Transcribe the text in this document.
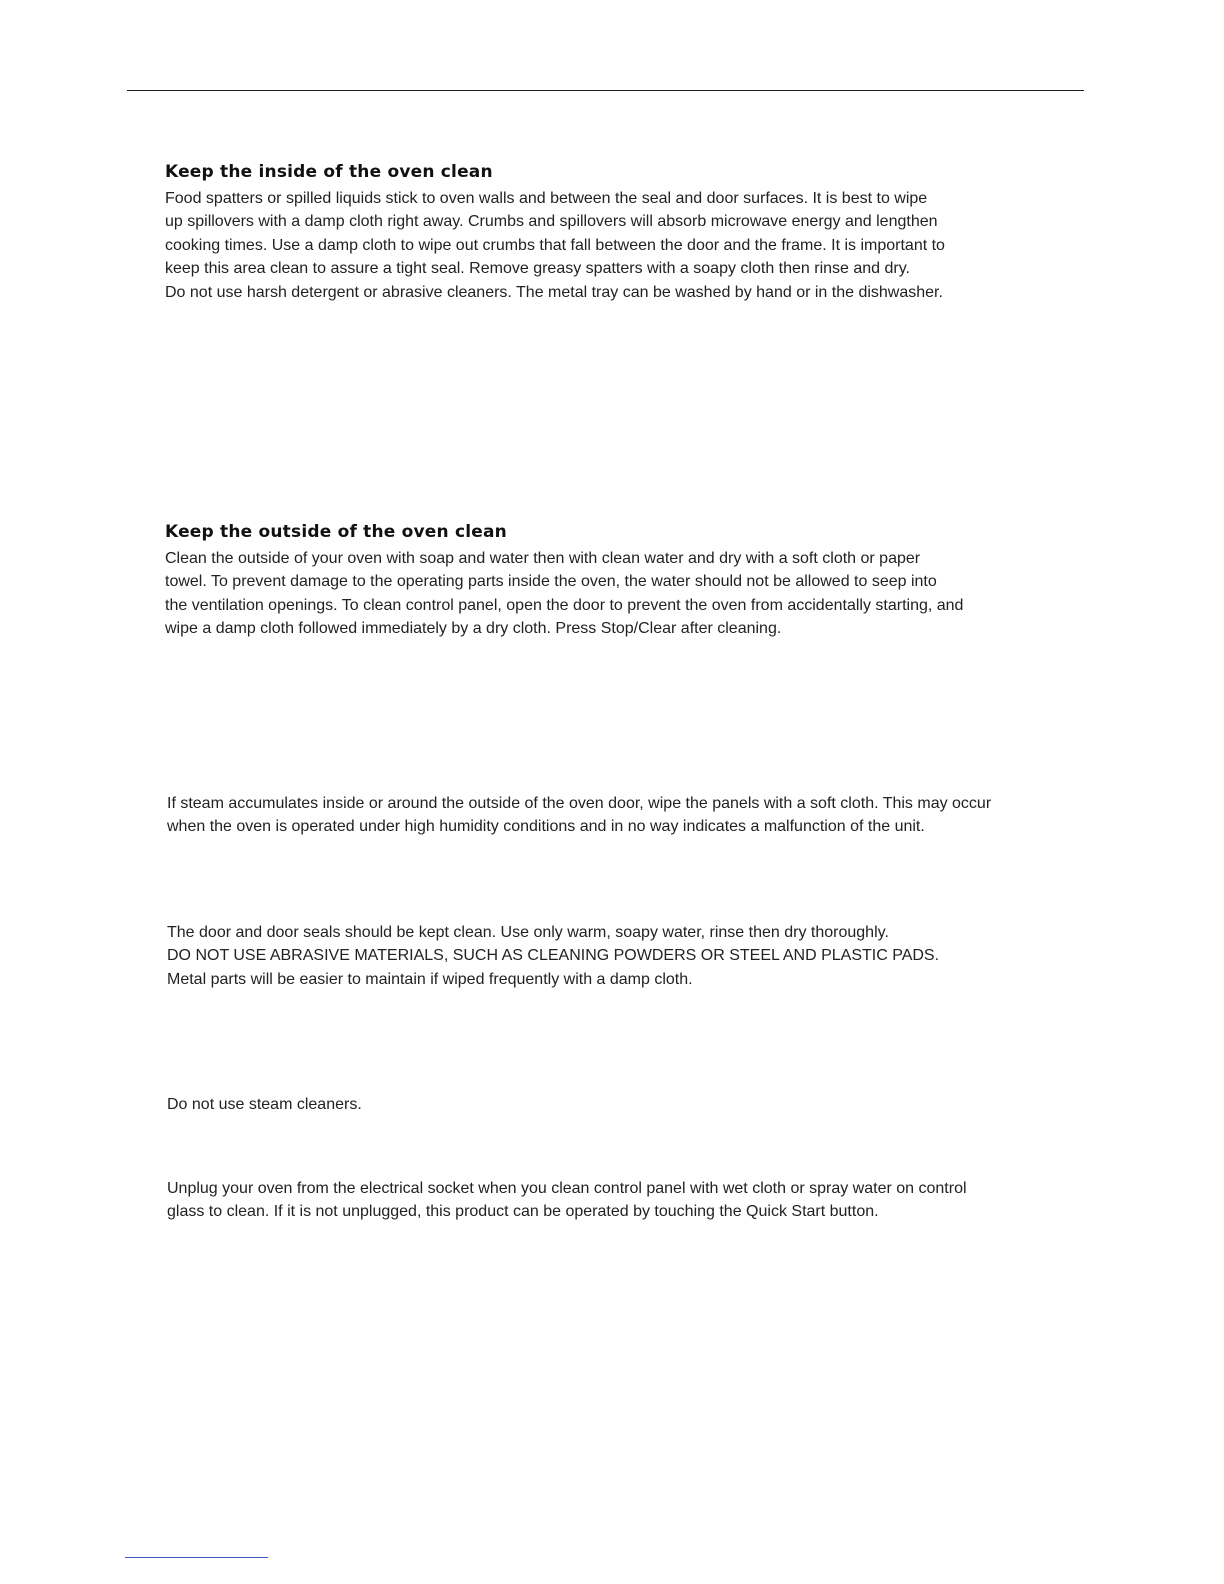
Keep the inside of the oven clean

Food spatters or spilled liquids stick to oven walls and between the seal and door surfaces. It is best to wipe
up spillovers with a damp cloth right away. Crumbs and spillovers will absorb microwave energy and lengthen
cooking times. Use a damp cloth to wipe out crumbs that fall between the door and the frame. It is important to
keep this area clean to assure a tight seal. Remove greasy spatters with a soapy cloth then rinse and dry.
Do not use harsh detergent or abrasive cleaners. The metal tray can be washed by hand or in the dishwasher.

Keep the outside of the oven clean

Clean the outside of your oven with soap and water then with clean water and dry with a soft cloth or paper
towel. To prevent damage to the operating parts inside the oven, the water should not be allowed to seep into
the ventilation openings. To clean control panel, open the door to prevent the oven from accidentally starting, and
wipe a damp cloth followed immediately by a dry cloth. Press Stop/Clear after cleaning.

If steam accumulates inside or around the outside of the oven door, wipe the panels with a soft cloth. This may occur
when the oven is operated under high humidity conditions and in no way indicates a malfunction of the unit.

The door and door seals should be kept clean. Use only warm, soapy water, rinse then dry thoroughly.
DO NOT USE ABRASIVE MATERIALS, SUCH AS CLEANING POWDERS OR STEEL AND PLASTIC PADS.
Metal parts will be easier to maintain if wiped frequently with a damp cloth.

Do not use steam cleaners.

Unplug your oven from the electrical socket when you clean control panel with wet cloth or spray water on control
glass to clean. If it is not unplugged, this product can be operated by touching the Quick Start button.
